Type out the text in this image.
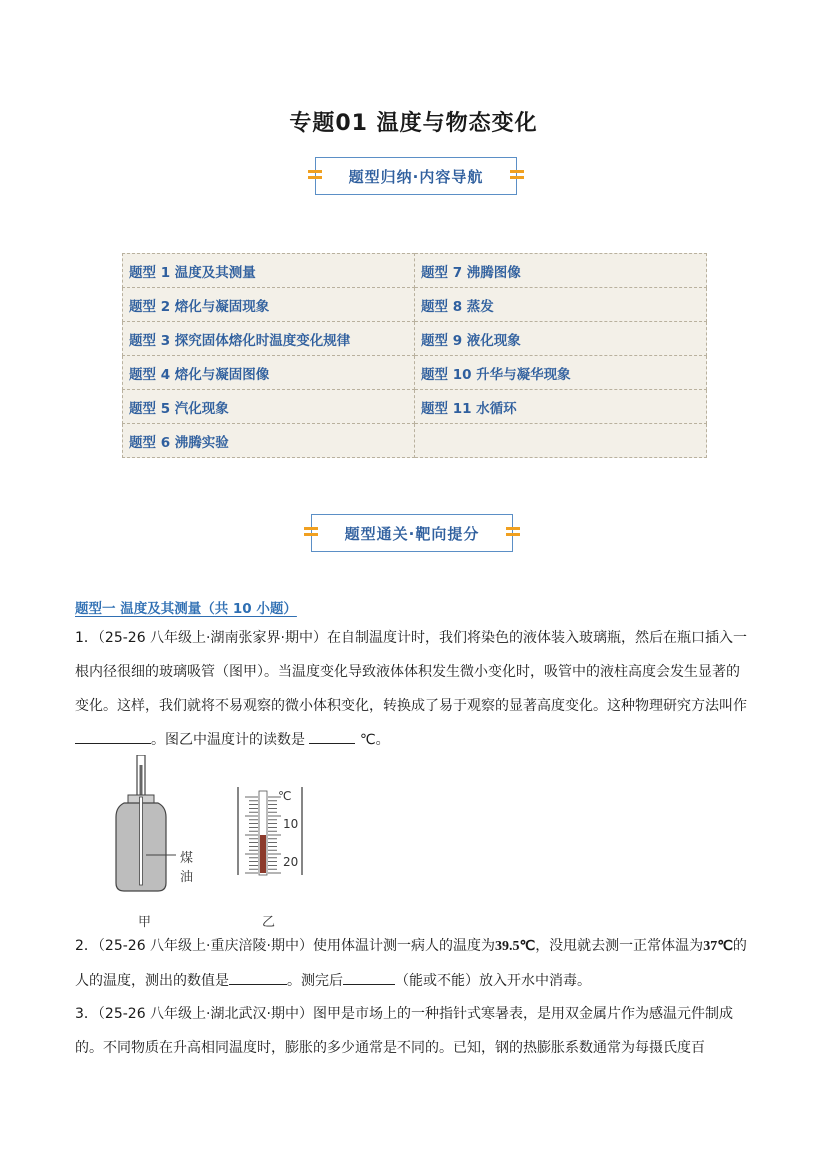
专题01 温度与物态变化
题型归纳·内容导航
题型 1 温度及其测量	题型 7 沸腾图像
题型 2 熔化与凝固现象	题型 8 蒸发
题型 3 探究固体熔化时温度变化规律	题型 9 液化现象
题型 4 熔化与凝固图像	题型 10 升华与凝华现象
题型 5 汽化现象	题型 11 水循环
题型 6 沸腾实验	
题型通关·靶向提分
题型一 温度及其测量（共 10 小题）

1．（25-26 八年级上·湖南张家界·期中）在自制温度计时，我们将染色的液体装入玻璃瓶，然后在瓶口插入一根内径很细的玻璃吸管（图甲）。当温度变化导致液体体积发生微小变化时，吸管中的液柱高度会发生显著的变化。这样，我们就将不易观察的微小体积变化，转换成了易于观察的显著高度变化。这种物理研究方法叫作。图乙中温度计的读数是	℃。

煤油
℃
10
20
甲	乙

2．（25-26 八年级上·重庆涪陵·期中）使用体温计测一病人的温度为39.5℃，没甩就去测一正常体温为37℃的人的温度，测出的数值是	。测完后	（能或不能）放入开水中消毒。

3．（25-26 八年级上·湖北武汉·期中）图甲是市场上的一种指针式寒暑表，是用双金属片作为感温元件制成的。不同物质在升高相同温度时，膨胀的多少通常是不同的。已知，钢的热膨胀系数通常为每摄氏度百
